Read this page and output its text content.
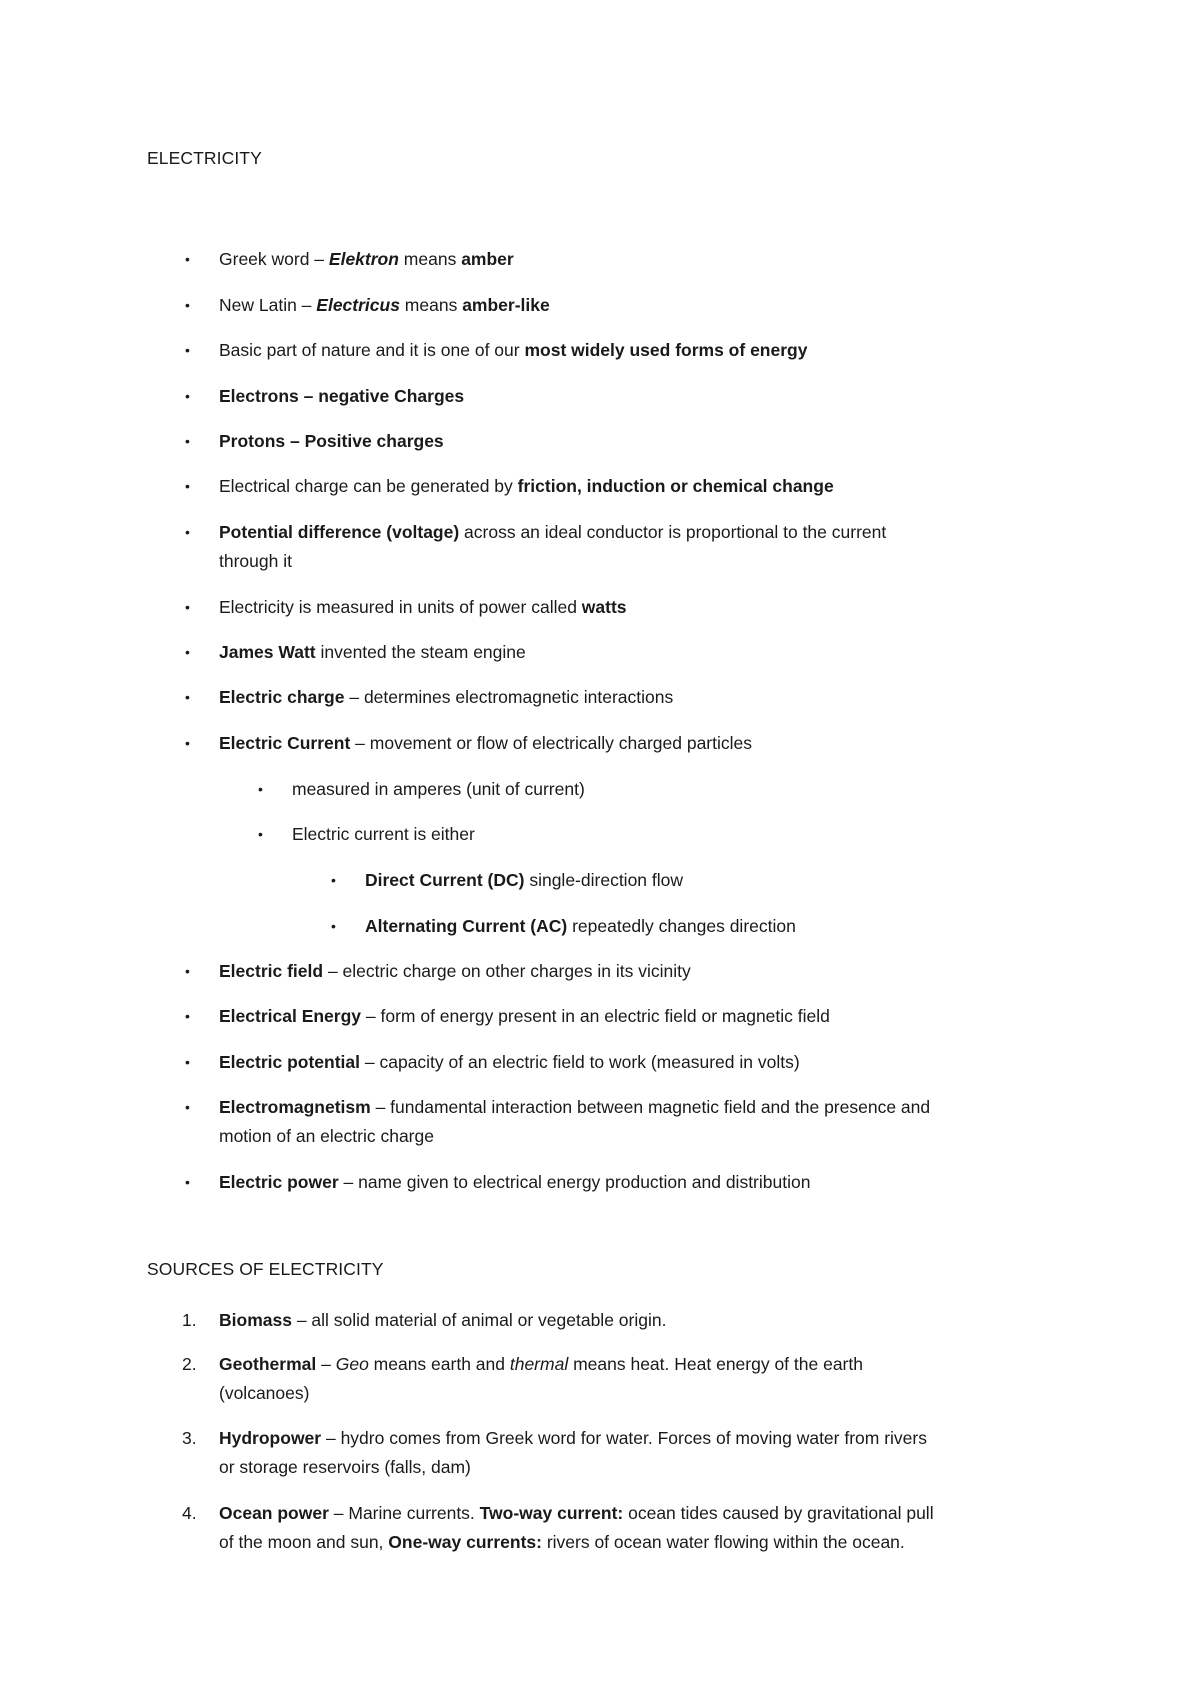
ELECTRICITY
• Greek word – Elektron means amber
• New Latin – Electricus means amber-like
• Basic part of nature and it is one of our most widely used forms of energy
• Electrons – negative Charges
• Protons – Positive charges
• Electrical charge can be generated by friction, induction or chemical change
• Potential difference (voltage) across an ideal conductor is proportional to the current
through it
• Electricity is measured in units of power called watts
• James Watt invented the steam engine
• Electric charge – determines electromagnetic interactions
• Electric Current – movement or flow of electrically charged particles
• measured in amperes (unit of current)
• Electric current is either
• Direct Current (DC) single-direction flow
• Alternating Current (AC) repeatedly changes direction
• Electric field – electric charge on other charges in its vicinity
• Electrical Energy – form of energy present in an electric field or magnetic field
• Electric potential – capacity of an electric field to work (measured in volts)
• Electromagnetism – fundamental interaction between magnetic field and the presence and
motion of an electric charge
• Electric power – name given to electrical energy production and distribution
SOURCES OF ELECTRICITY
1. Biomass – all solid material of animal or vegetable origin.
2. Geothermal – Geo means earth and thermal means heat. Heat energy of the earth
(volcanoes)
3. Hydropower – hydro comes from Greek word for water. Forces of moving water from rivers
or storage reservoirs (falls, dam)
4. Ocean power – Marine currents. Two-way current: ocean tides caused by gravitational pull
of the moon and sun, One-way currents: rivers of ocean water flowing within the ocean.
